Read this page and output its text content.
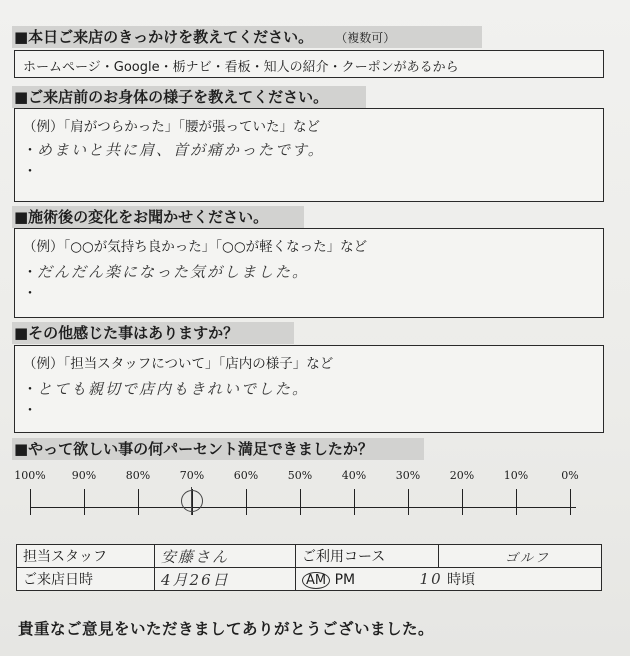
■本日ご来店のきっかけを教えてください。 （複数可）
ホームページ・Google・栃ナビ・看板・知人の紹介・クーポンがあるから
■ご来店前のお身体の様子を教えてください。
（例）「肩がつらかった」「腰が張っていた」など
・めまいと共に肩、首が痛かったです。
・
■施術後の変化をお聞かせください。
（例）「○○が気持ち良かった」「○○が軽くなった」など
・だんだん楽になった気がしました。
・
■その他感じた事はありますか？
（例）「担当スタッフについて」「店内の様子」など
・とても親切で店内もきれいでした。
・
■やって欲しい事の何パーセント満足できましたか？
100% 90%	80%	70%	60%	50%	40%	30%	20%	10%	0%
担当スタッフ	安藤さん	ご利用コース	ゴルフ
ご来店日時	4月26日	AM PM 10 時頃	
貴重なご意見をいただきましてありがとうございました。
